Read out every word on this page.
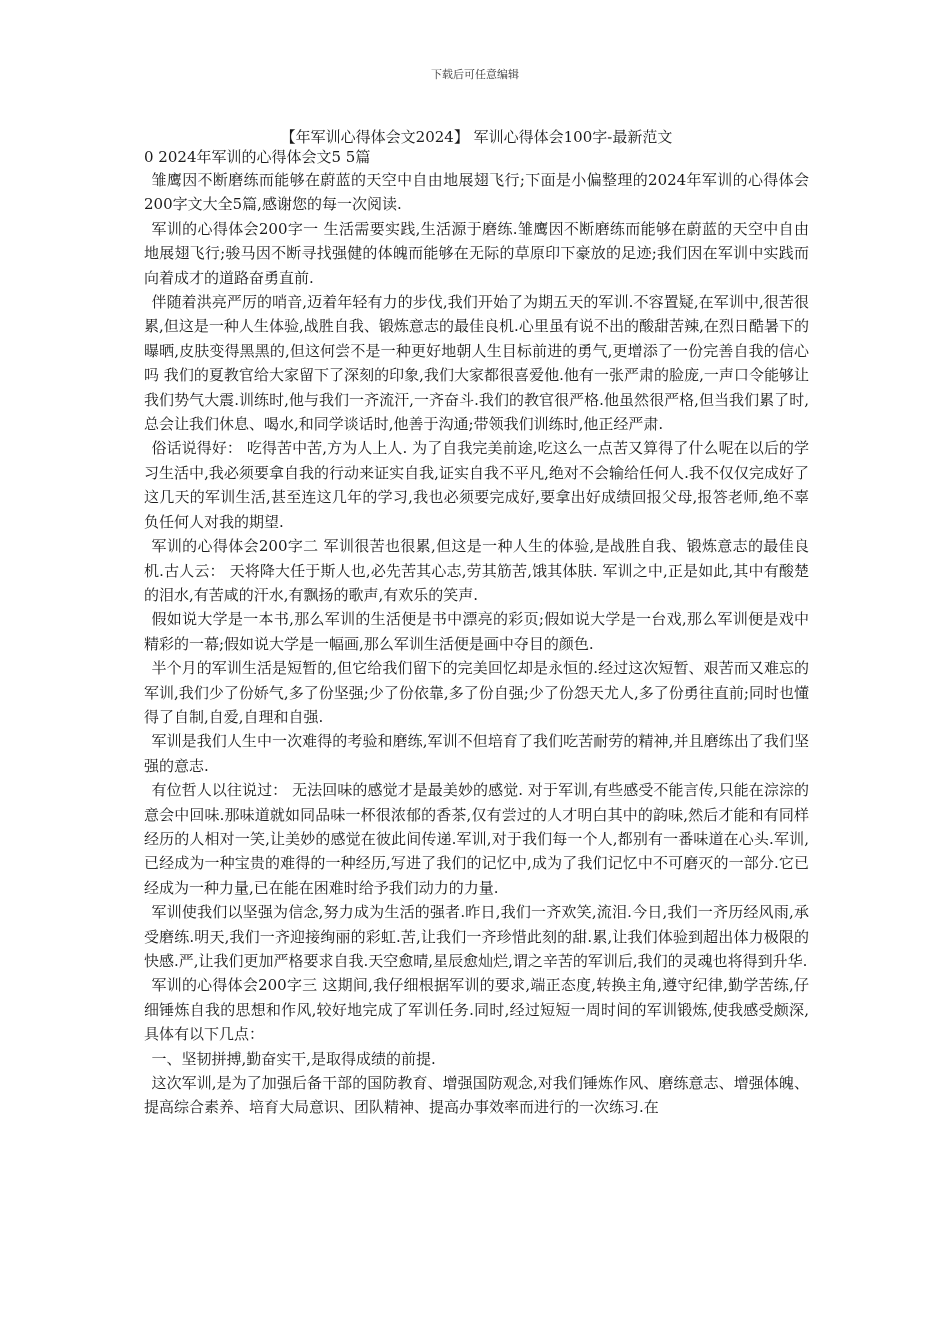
下载后可任意编辑

【年军训心得体会文2024】 军训心得体会100字-最新范文

0 2024年军训的心得体会文5 5篇

雏鹰因不断磨练而能够在蔚蓝的天空中自由地展翅飞行;下面是小偏整理的2024年军训的心得体会200字文大全5篇,感谢您的每一次阅读.

军训的心得体会200字一 生活需要实践,生活源于磨练.雏鹰因不断磨练而能够在蔚蓝的天空中自由地展翅飞行;骏马因不断寻找强健的体魄而能够在无际的草原印下豪放的足迹;我们因在军训中实践而向着成才的道路奋勇直前.

伴随着洪亮严厉的哨音,迈着年轻有力的步伐,我们开始了为期五天的军训.不容置疑,在军训中,很苦很累,但这是一种人生体验,战胜自我、锻炼意志的最佳良机.心里虽有说不出的酸甜苦辣,在烈日酷暑下的曝晒,皮肤变得黑黑的,但这何尝不是一种更好地朝人生目标前进的勇气,更增添了一份完善自我的信心吗 我们的夏教官给大家留下了深刻的印象,我们大家都很喜爱他.他有一张严肃的脸庞,一声口令能够让我们势气大震.训练时,他与我们一齐流汗,一齐奋斗.我们的教官很严格.他虽然很严格,但当我们累了时,总会让我们休息、喝水,和同学谈话时,他善于沟通;带领我们训练时,他正经严肃.

俗话说得好： 吃得苦中苦,方为人上人. 为了自我完美前途,吃这么一点苦又算得了什么呢在以后的学习生活中,我必须要拿自我的行动来证实自我,证实自我不平凡,绝对不会输给任何人.我不仅仅完成好了这几天的军训生活,甚至连这几年的学习,我也必须要完成好,要拿出好成绩回报父母,报答老师,绝不辜负任何人对我的期望.

军训的心得体会200字二 军训很苦也很累,但这是一种人生的体验,是战胜自我、锻炼意志的最佳良机.古人云： 天将降大任于斯人也,必先苦其心志,劳其筋苦,饿其体肤. 军训之中,正是如此,其中有酸楚的泪水,有苦咸的汗水,有飘扬的歌声,有欢乐的笑声.

假如说大学是一本书,那么军训的生活便是书中漂亮的彩页;假如说大学是一台戏,那么军训便是戏中精彩的一幕;假如说大学是一幅画,那么军训生活便是画中夺目的颜色.

半个月的军训生活是短暂的,但它给我们留下的完美回忆却是永恒的.经过这次短暂、艰苦而又难忘的军训,我们少了份娇气,多了份坚强;少了份依靠,多了份自强;少了份怨天尤人,多了份勇往直前;同时也懂得了自制,自爱,自理和自强.

军训是我们人生中一次难得的考验和磨练,军训不但培育了我们吃苦耐劳的精神,并且磨练出了我们坚强的意志.

有位哲人以往说过： 无法回味的感觉才是最美妙的感觉. 对于军训,有些感受不能言传,只能在淙淙的意会中回味.那味道就如同品味一杯很浓郁的香茶,仅有尝过的人才明白其中的韵味,然后才能和有同样经历的人相对一笑,让美妙的感觉在彼此间传递.军训,对于我们每一个人,都别有一番味道在心头.军训,已经成为一种宝贵的难得的一种经历,写进了我们的记忆中,成为了我们记忆中不可磨灭的一部分.它已经成为一种力量,已在能在困难时给予我们动力的力量.

军训使我们以坚强为信念,努力成为生活的强者.昨日,我们一齐欢笑,流泪.今日,我们一齐历经风雨,承受磨练.明天,我们一齐迎接绚丽的彩虹.苦,让我们一齐珍惜此刻的甜.累,让我们体验到超出体力极限的快感.严,让我们更加严格要求自我.天空愈晴,星辰愈灿烂,谓之辛苦的军训后,我们的灵魂也将得到升华.

军训的心得体会200字三 这期间,我仔细根据军训的要求,端正态度,转换主角,遵守纪律,勤学苦练,仔细锤炼自我的思想和作风,较好地完成了军训任务.同时,经过短短一周时间的军训锻炼,使我感受颇深,具体有以下几点：

一、坚韧拼搏,勤奋实干,是取得成绩的前提.

这次军训,是为了加强后备干部的国防教育、增强国防观念,对我们锤炼作风、磨练意志、增强体魄、提高综合素养、培育大局意识、团队精神、提高办事效率而进行的一次练习.在
